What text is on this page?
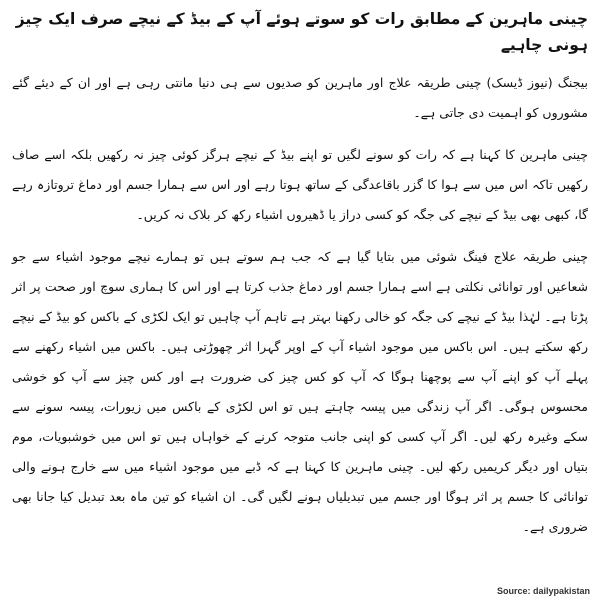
چینی ماہرین کے مطابق رات کو سوتے ہوئے آپ کے بیڈ کے نیچے صرف ایک چیز ہونی چاہیے

بیجنگ (نیوز ڈیسک) چینی طریقہ علاج اور ماہرین کو صدیوں سے ہی دنیا مانتی رہی ہے اور ان کے دیئے گئے مشوروں کو اہمیت دی جاتی ہے۔

چینی ماہرین کا کہنا ہے کہ رات کو سونے لگیں تو اپنے بیڈ کے نیچے ہرگز کوئی چیز نہ رکھیں بلکہ اسے صاف رکھیں تاکہ اس میں سے ہوا کا گزر باقاعدگی کے ساتھ ہوتا رہے اور اس سے ہمارا جسم اور دماغ تروتازہ رہے گا، کبھی بھی بیڈ کے نیچے کی جگہ کو کسی دراز یا ڈھیروں اشیاء رکھ کر بلاک نہ کریں۔

چینی طریقہ علاج فینگ شوئی میں بتایا گیا ہے کہ جب ہم سوتے ہیں تو ہمارے نیچے موجود اشیاء سے جو شعاعیں اور توانائی نکلتی ہے اسے ہمارا جسم اور دماغ جذب کرتا ہے اور اس کا ہماری سوچ اور صحت پر اثر پڑتا ہے۔ لہٰذا بیڈ کے نیچے کی جگہ کو خالی رکھنا بہتر ہے تاہم آپ چاہیں تو ایک لکڑی کے باکس کو بیڈ کے نیچے رکھ سکتے ہیں۔ اس باکس میں موجود اشیاء آپ کے اوپر گہرا اثر چھوڑتی ہیں۔ باکس میں اشیاء رکھنے سے پہلے آپ کو اپنے آپ سے پوچھنا ہوگا کہ آپ کو کس چیز کی ضرورت ہے اور کس چیز سے آپ کو خوشی محسوس ہوگی۔ اگر آپ زندگی میں پیسہ چاہتے ہیں تو اس لکڑی کے باکس میں زیورات، پیسہ سونے سے سکے وغیرہ رکھ لیں۔ اگر آپ کسی کو اپنی جانب متوجہ کرنے کے خواہاں ہیں تو اس میں خوشبویات، موم بتیاں اور دیگر کریمیں رکھ لیں۔ چینی ماہرین کا کہنا ہے کہ ڈبے میں موجود اشیاء میں سے خارج ہونے والی توانائی کا جسم پر اثر ہوگا اور جسم میں تبدیلیاں ہونے لگیں گی۔ ان اشیاء کو تین ماہ بعد تبدیل کیا جانا بھی ضروری ہے۔

Source: dailypakistan
